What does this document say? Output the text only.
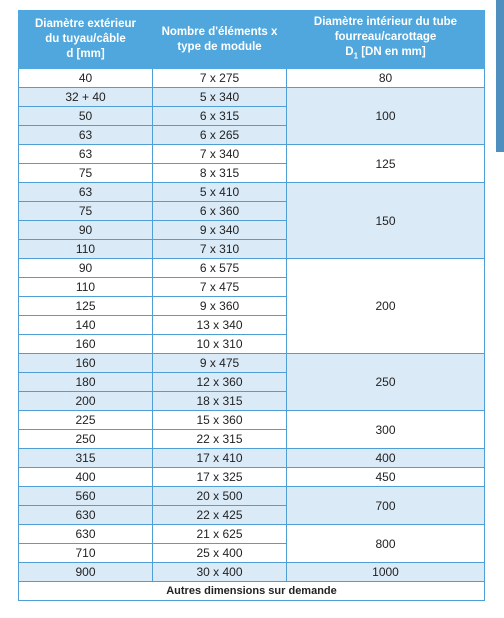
Diamètre extérieur
du tuyau/câble
d [mm]	Nombre d'éléments x
type de module	Diamètre intérieur du tube
fourreau/carottage
$D_1$ [DN en mm]
40	7 x 275	80
32 + 40	5 x 340	100
50	6 x 315	
63	6 x 265	
63	7 x 340	125
75	8 x 315	
63	5 x 410	150
75	6 x 360	
90	9 x 340	
110	7 x 310	
90	6 x 575	200
110	7 x 475	
125	9 x 360	
140	13 x 340	
160	10 x 310	
160	9 x 475	250
180	12 x 360	
200	18 x 315	
225	15 x 360	300
250	22 x 315	
315	17 x 410	400
400	17 x 325	450
560	20 x 500	700
630	22 x 425	
630	21 x 625	800
710	25 x 400	
900	30 x 400	1000
Autres dimensions sur demande		
